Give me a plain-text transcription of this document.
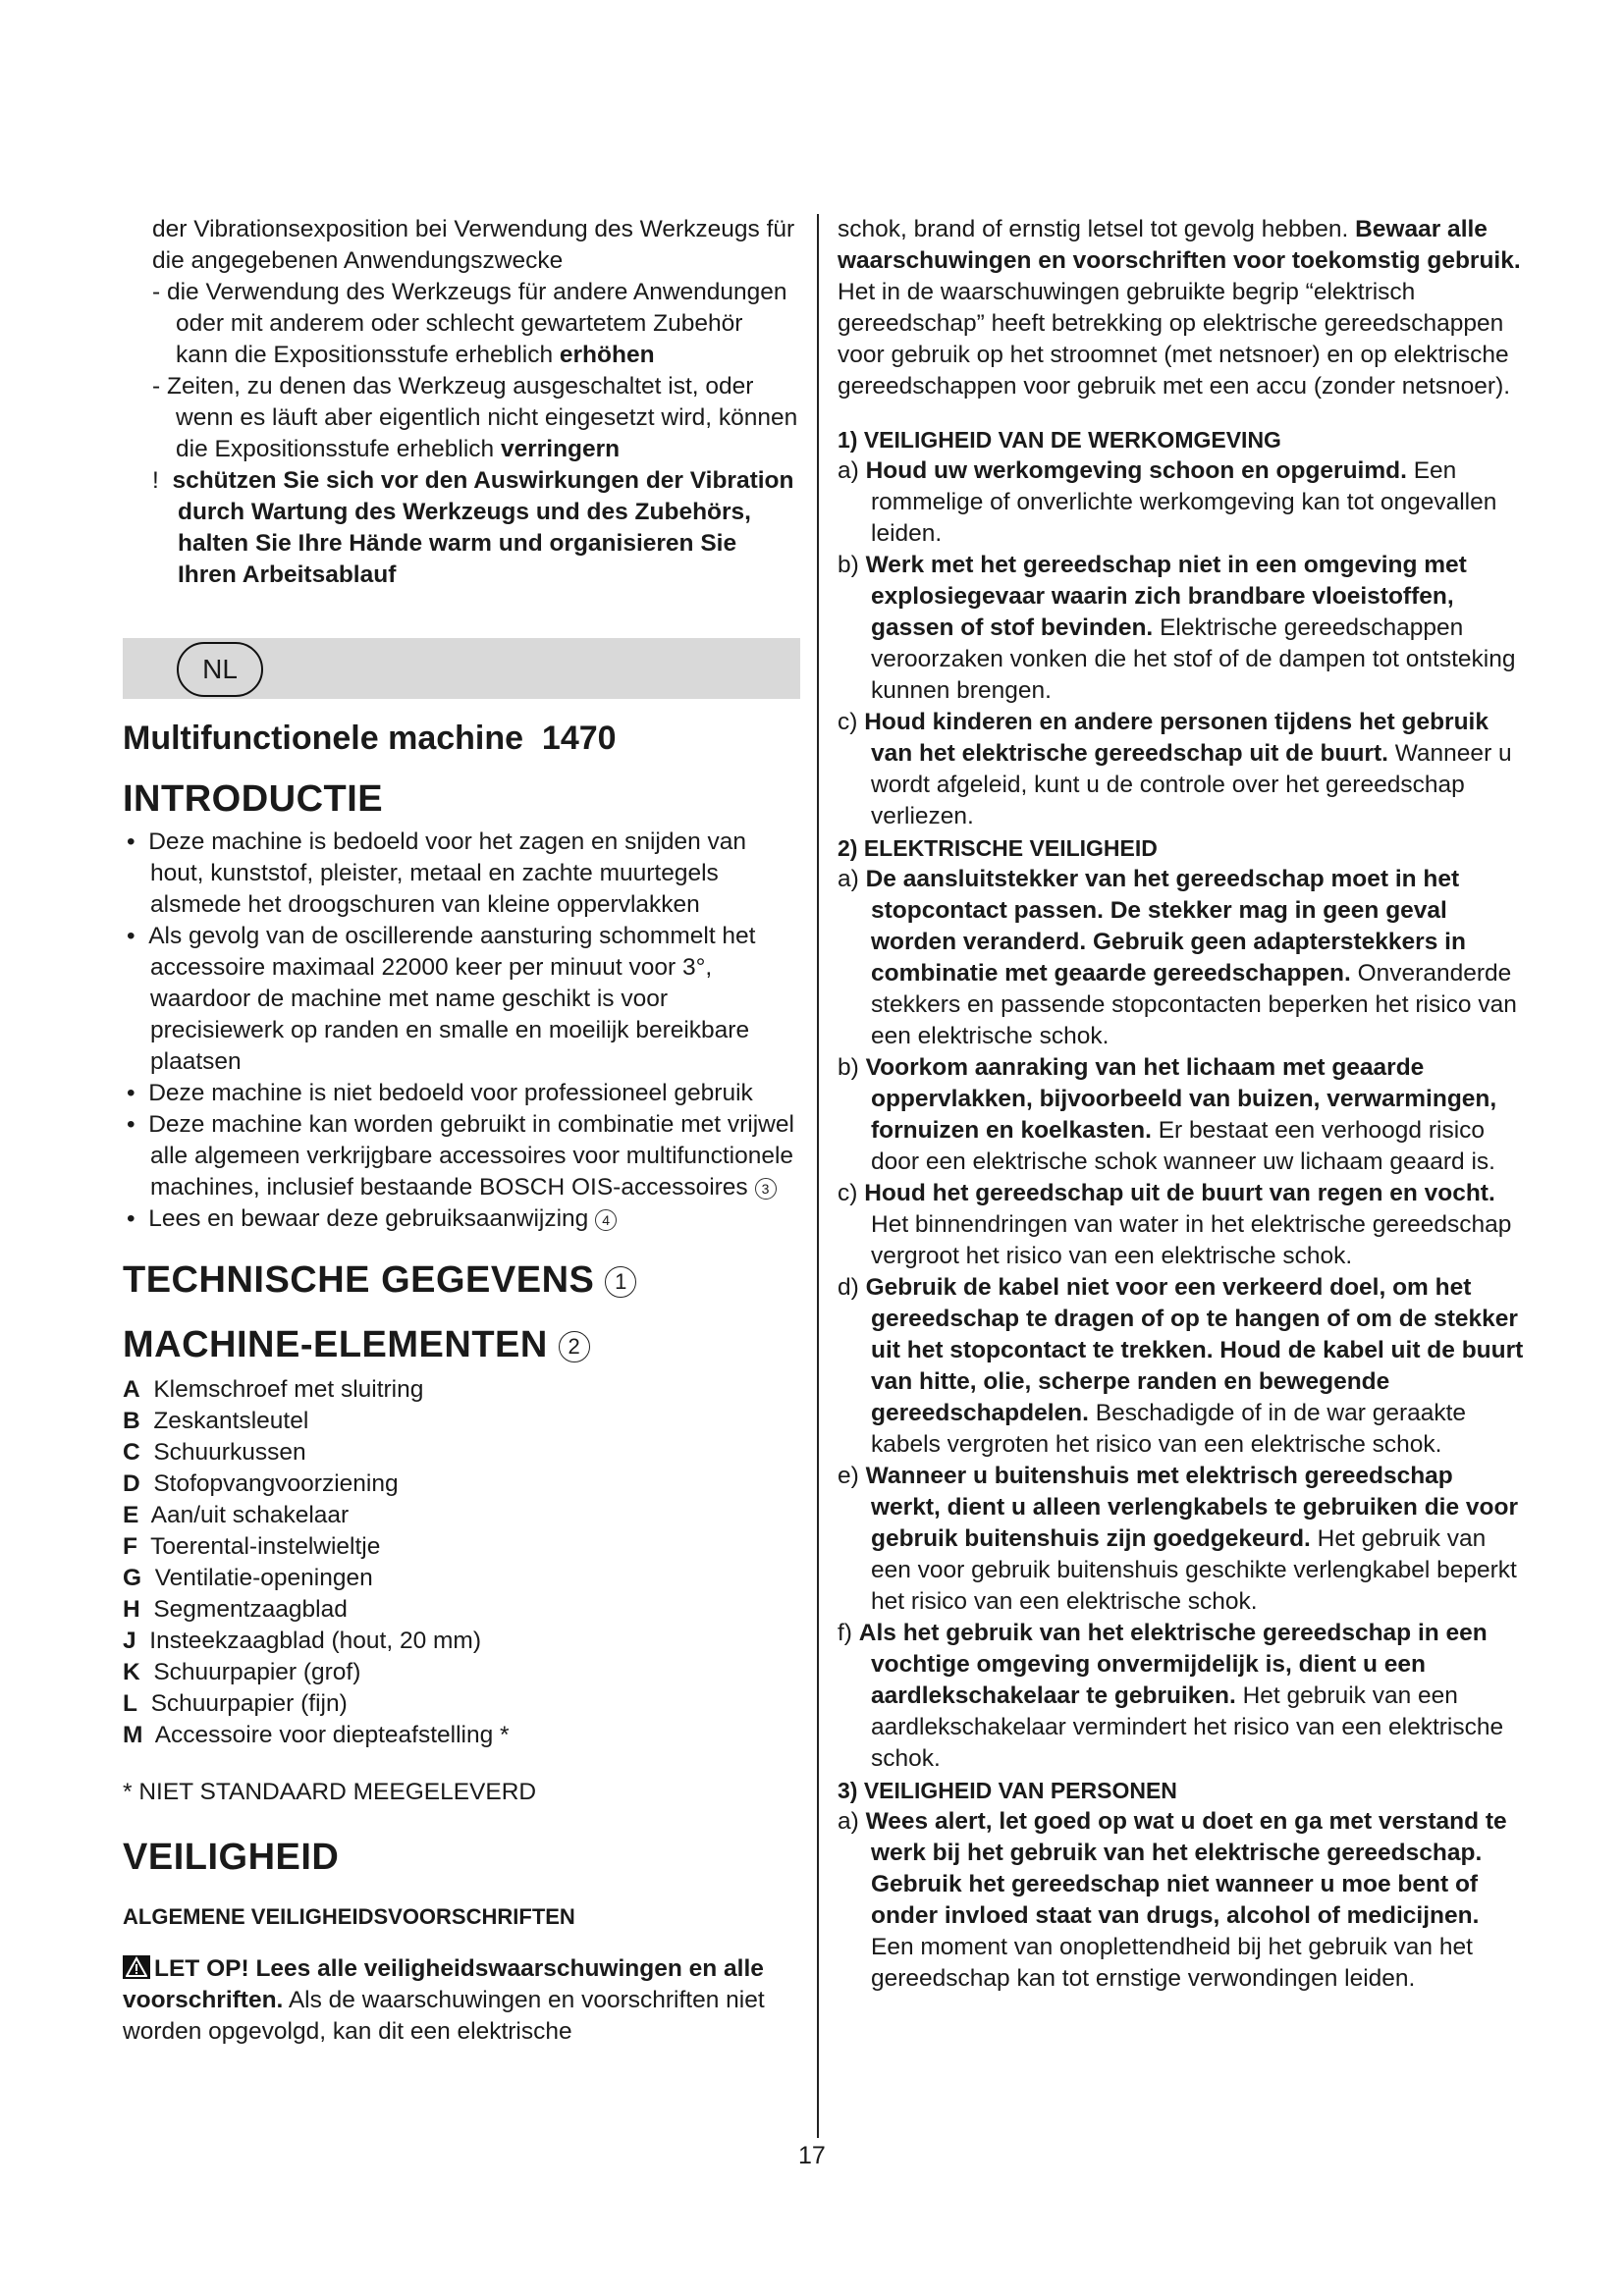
der Vibrationsexposition bei Verwendung des Werkzeugs für die angegebenen Anwendungszwecke

- die Verwendung des Werkzeugs für andere Anwendungen oder mit anderem oder schlecht gewartetem Zubehör kann die Expositionsstufe erheblich erhöhen

- Zeiten, zu denen das Werkzeug ausgeschaltet ist, oder wenn es läuft aber eigentlich nicht eingesetzt wird, können die Expositionsstufe erheblich verringern

! schützen Sie sich vor den Auswirkungen der Vibration durch Wartung des Werkzeugs und des Zubehörs, halten Sie Ihre Hände warm und organisieren Sie Ihren Arbeitsablauf

NL
Multifunctionele machine  1470
INTRODUCTIE

• Deze machine is bedoeld voor het zagen en snijden van hout, kunststof, pleister, metaal en zachte muurtegels alsmede het droogschuren van kleine oppervlakken

• Als gevolg van de oscillerende aansturing schommelt het accessoire maximaal 22000 keer per minuut voor 3°, waardoor de machine met name geschikt is voor precisiewerk op randen en smalle en moeilijk bereikbare plaatsen

• Deze machine is niet bedoeld voor professioneel gebruik

• Deze machine kan worden gebruikt in combinatie met vrijwel alle algemeen verkrijgbare accessoires voor multifunctionele machines, inclusief bestaande BOSCH OIS-accessoires 3

• Lees en bewaar deze gebruiksaanwijzing 4

TECHNISCHE GEGEVENS 1
MACHINE-ELEMENTEN 2

A Klemschroef met sluitring

B Zeskantsleutel

C Schuurkussen

D Stofopvangvoorziening

E Aan/uit schakelaar

F Toerental-instelwieltje

G Ventilatie-openingen

H Segmentzaagblad

J Insteekzaagblad (hout, 20 mm)

K Schuurpapier (grof)

L Schuurpapier (fijn)

M Accessoire voor diepteafstelling *

* NIET STANDAARD MEEGELEVERD

VEILIGHEID
ALGEMENE VEILIGHEIDSVOORSCHRIFTEN

LET OP! Lees alle veiligheidswaarschuwingen en alle voorschriften. Als de waarschuwingen en voorschriften niet worden opgevolgd, kan dit een elektrische

schok, brand of ernstig letsel tot gevolg hebben. Bewaar alle waarschuwingen en voorschriften voor toekomstig gebruik. Het in de waarschuwingen gebruikte begrip “elektrisch gereedschap” heeft betrekking op elektrische gereedschappen voor gebruik op het stroomnet (met netsnoer) en op elektrische gereedschappen voor gebruik met een accu (zonder netsnoer).

1) VEILIGHEID VAN DE WERKOMGEVING

a) Houd uw werkomgeving schoon en opgeruimd. Een rommelige of onverlichte werkomgeving kan tot ongevallen leiden.

b) Werk met het gereedschap niet in een omgeving met explosiegevaar waarin zich brandbare vloeistoffen, gassen of stof bevinden. Elektrische gereedschappen veroorzaken vonken die het stof of de dampen tot ontsteking kunnen brengen.

c) Houd kinderen en andere personen tijdens het gebruik van het elektrische gereedschap uit de buurt. Wanneer u wordt afgeleid, kunt u de controle over het gereedschap verliezen.

2) ELEKTRISCHE VEILIGHEID

a) De aansluitstekker van het gereedschap moet in het stopcontact passen. De stekker mag in geen geval worden veranderd. Gebruik geen adapterstekkers in combinatie met geaarde gereedschappen. Onveranderde stekkers en passende stopcontacten beperken het risico van een elektrische schok.

b) Voorkom aanraking van het lichaam met geaarde oppervlakken, bijvoorbeeld van buizen, verwarmingen, fornuizen en koelkasten. Er bestaat een verhoogd risico door een elektrische schok wanneer uw lichaam geaard is.

c) Houd het gereedschap uit de buurt van regen en vocht. Het binnendringen van water in het elektrische gereedschap vergroot het risico van een elektrische schok.

d) Gebruik de kabel niet voor een verkeerd doel, om het gereedschap te dragen of op te hangen of om de stekker uit het stopcontact te trekken. Houd de kabel uit de buurt van hitte, olie, scherpe randen en bewegende gereedschapdelen. Beschadigde of in de war geraakte kabels vergroten het risico van een elektrische schok.

e) Wanneer u buitenshuis met elektrisch gereedschap werkt, dient u alleen verlengkabels te gebruiken die voor gebruik buitenshuis zijn goedgekeurd. Het gebruik van een voor gebruik buitenshuis geschikte verlengkabel beperkt het risico van een elektrische schok.

f) Als het gebruik van het elektrische gereedschap in een vochtige omgeving onvermijdelijk is, dient u een aardlekschakelaar te gebruiken. Het gebruik van een aardlekschakelaar vermindert het risico van een elektrische schok.

3) VEILIGHEID VAN PERSONEN

a) Wees alert, let goed op wat u doet en ga met verstand te werk bij het gebruik van het elektrische gereedschap. Gebruik het gereedschap niet wanneer u moe bent of onder invloed staat van drugs, alcohol of medicijnen. Een moment van onoplettendheid bij het gebruik van het gereedschap kan tot ernstige verwondingen leiden.

17
